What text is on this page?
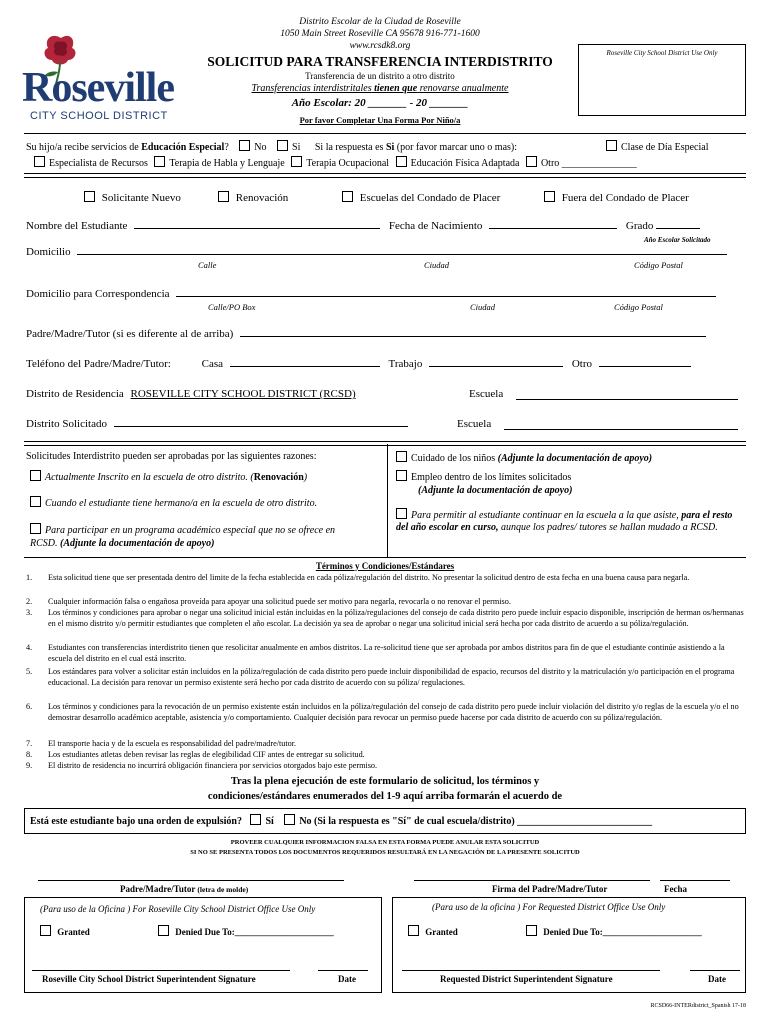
Roseville
CITY SCHOOL DISTRICT
Distrito Escolar de la Ciudad de Roseville
1050 Main Street Roseville CA 95678 916-771-1600
www.rcsdk8.org
SOLICITUD PARA TRANSFERENCIA INTERDISTRITO
Transferencia de un distrito a otro distrito
Transferencias interdistritales tienen que renovarse anualmente
Año Escolar: 20 _______ - 20 _______
Por favor Completar Una Forma Por Niño/a
Roseville City School District Use Only
Su hijo/a recibe servicios de Educación Especial?	No	Si Si la respuesta es Si (por favor marcar uno o mas):	Clase de Día Especial
Especialista de Recursos Terapia de Habla y Lenguaje Terapia Ocupacional Educación Física Adaptada Otro _______________
Solicitante Nuevo	Renovación	Escuelas del Condado de Placer	Fuera del Condado de Placer
Nombre del Estudiante	Fecha de Nacimiento	Grado
Año Escolar Solicitado
Domicilio
Calle	Ciudad	Código Postal
Domicilio para Correspondencia
Calle/PO Box	Ciudad	Código Postal
Padre/Madre/Tutor (si es diferente al de arriba)
Teléfono del Padre/Madre/Tutor:	Casa	Trabajo	Otro
Distrito de Residencia ROSEVILLE CITY SCHOOL DISTRICT (RCSD)	Escuela
Distrito Solicitado	Escuela
Solicitudes Interdistrito pueden ser aprobadas por las siguientes razones:
Actualmente Inscrito en la escuela de otro distrito. (Renovación)
Cuando el estudiante tiene hermano/a en la escuela de otro distrito.
Para participar en un programa académico especial que no se ofrece en RCSD. (Adjunte la documentación de apoyo)
Cuidado de los niños (Adjunte la documentación de apoyo)
Empleo dentro de los límites solicitados
(Adjunte la documentación de apoyo)
Para permitir al estudiante continuar en la escuela a la que asiste, para el resto del año escolar en curso, aunque los padres/ tutores se hallan mudado a RCSD.
Términos y Condiciones/Estándares
1.	Esta solicitud tiene que ser presentada dentro del limite de la fecha establecida en cada póliza/regulación del distrito. No presentar la solicitud dentro de esta fecha en una buena causa para negarla.
2.	Cualquier información falsa o engañosa proveída para apoyar una solicitud puede ser motivo para negarla, revocarla o no renovar el permiso.
3.	Los términos y condiciones para aprobar o negar una solicitud inicial están incluidas en la póliza/regulaciones del consejo de cada distrito pero puede incluir espacio disponible, inscripción de herman os/hermanas en el mismo distrito y/o permitir estudiantes que completen el año escolar. La decisión ya sea de aprobar o negar una solicitud inicial será hecha por cada distrito de acuerdo a su póliza/regulación.
4.	Estudiantes con transferencias interdistrito tienen que resolicitar anualmente en ambos distritos. La re-solicitud tiene que ser aprobada por ambos distritos para fin de que el estudiante continúe asistiendo a la escuela del distrito en el cual está inscrito.
5.	Los estándares para volver a solicitar están incluidos en la póliza/regulación de cada distrito pero puede incluir disponibilidad de espacio, recursos del distrito y la matriculación y/o participación en el programa educacional. La decisión para renovar un permiso existente será hecho por cada distrito de acuerdo con su póliza/ regulaciones.
6.	Los términos y condiciones para la revocación de un permiso existente están incluidos en la póliza/regulación del consejo de cada distrito pero puede incluir violación del distrito y/o reglas de la escuela y/o el no demostrar desarrollo académico aceptable, asistencia y/o comportamiento. Cualquier decisión para revocar un permiso puede hacerse por cada distrito de acuerdo con su póliza/regulación.
7.	El transporte hacia y de la escuela es responsabilidad del padre/madre/tutor.
8.	Los estudiantes atletas deben revisar las reglas de elegibilidad CIF antes de entregar su solicitud.
9.	El distrito de residencia no incurrirá obligación financiera por servicios otorgados bajo este permiso.
Tras la plena ejecución de este formulario de solicitud, los términos y
condiciones/estándares enumerados del 1-9 aquí arriba formarán el acuerdo de
Está este estudiante bajo una orden de expulsión? Sí	No (Si la respuesta es "Sí" de cual escuela/distrito) ___________________________
PROVEER CUALQUIER INFORMACION FALSA EN ESTA FORMA PUEDE ANULAR ESTA SOLICITUD
SI NO SE PRESENTA TODOS LOS DOCUMENTOS REQUERIDOS RESULTARÁ EN LA NEGACIÓN DE LA PRESENTE SOLICITUD
Padre/Madre/Tutor (letra de molde)	Firma del Padre/Madre/Tutor	Fecha
(Para uso de la Oficina ) For Roseville City School District Office Use Only	(Para uso de la oficina ) For Requested District Office Use Only
Granted	Denied Due To:______________________	Granted	Denied Due To:______________________
Roseville City School District Superintendent Signature	Date	Requested District Superintendent Signature	Date
RCSD66-INTERdistrict_Spanish 17-18
